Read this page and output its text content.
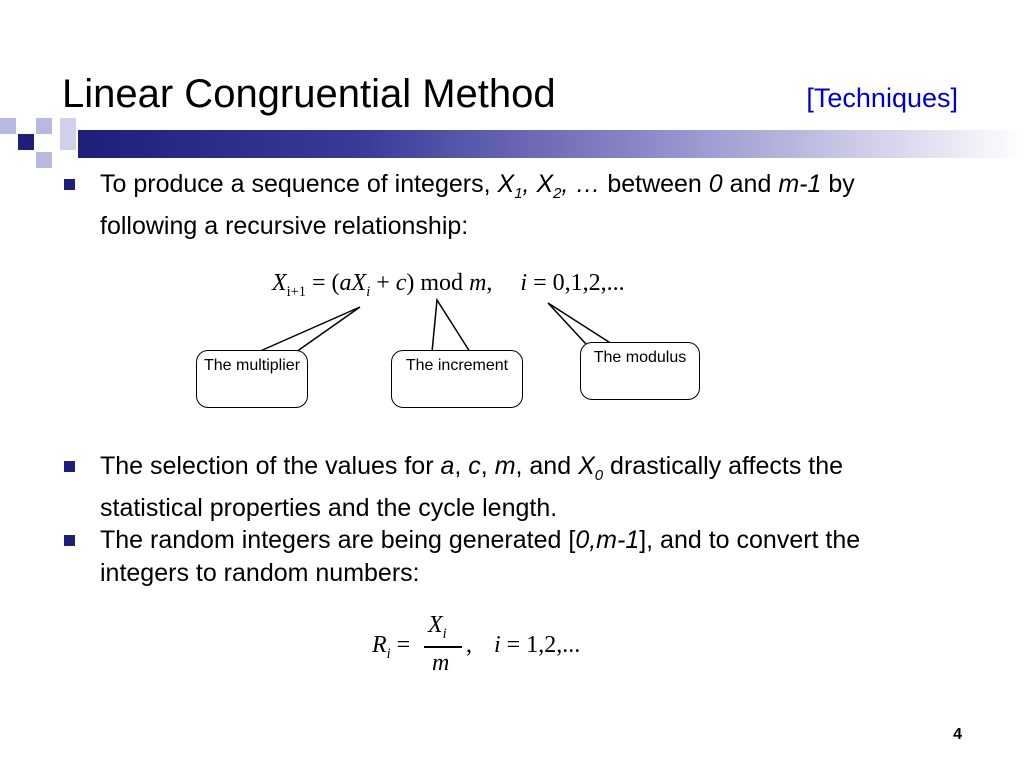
Linear Congruential Method	[Techniques]
To produce a sequence of integers, $X_1$, $X_2$, … between 0 and m-1 by following a recursive relationship:
$X_{i+1} = (aX_i + c)$ mod m, i = 0,1,2,...
The multiplier	The increment	The modulus
The selection of the values for a, c, m, and $X_0$ drastically affects the statistical properties and the cycle length.
The random integers are being generated [0,m-1], and to convert the integers to random numbers:
$R_i$ =
$X_i$
m
, i = 1,2,...
4
